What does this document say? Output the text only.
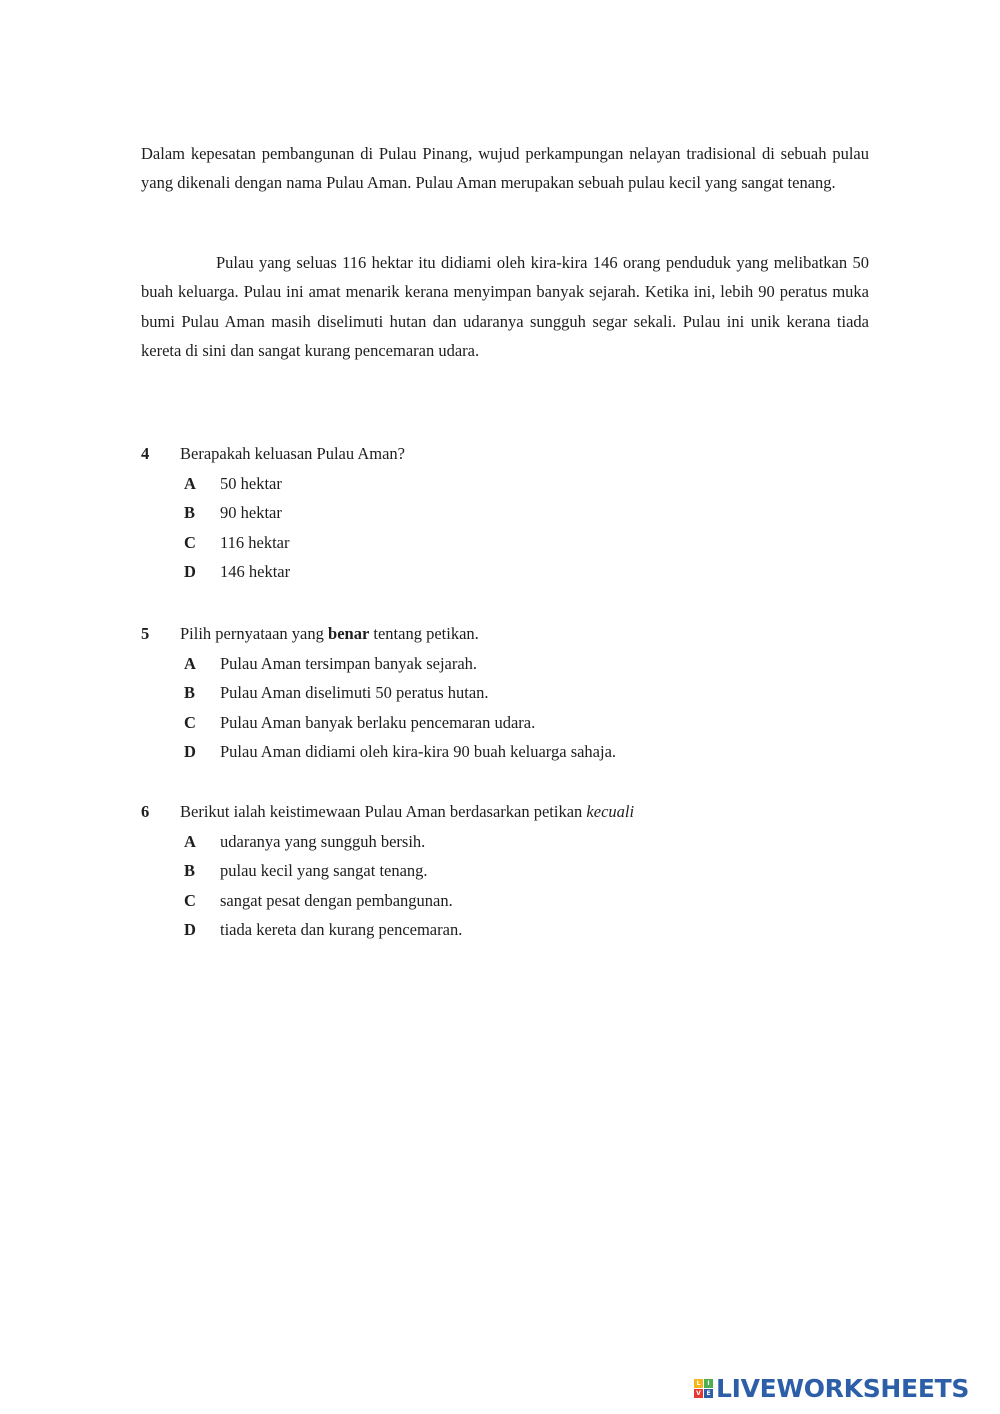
Dalam kepesatan pembangunan di Pulau Pinang, wujud perkampungan nelayan tradisional di sebuah pulau yang dikenali dengan nama Pulau Aman. Pulau Aman merupakan sebuah pulau kecil yang sangat tenang.
Pulau yang seluas 116 hektar itu didiami oleh kira-kira 146 orang penduduk yang melibatkan 50 buah keluarga. Pulau ini amat menarik kerana menyimpan banyak sejarah. Ketika ini, lebih 90 peratus muka bumi Pulau Aman masih diselimuti hutan dan udaranya sungguh segar sekali. Pulau ini unik kerana tiada kereta di sini dan sangat kurang pencemaran udara.
4 Berapakah keluasan Pulau Aman?
A 50 hektar
B 90 hektar
C 116 hektar
D 146 hektar
5 Pilih pernyataan yang benar tentang petikan.
A Pulau Aman tersimpan banyak sejarah.
B Pulau Aman diselimuti 50 peratus hutan.
C Pulau Aman banyak berlaku pencemaran udara.
D Pulau Aman didiami oleh kira-kira 90 buah keluarga sahaja.
6 Berikut ialah keistimewaan Pulau Aman berdasarkan petikan kecuali
A udaranya yang sungguh bersih.
B pulau kecil yang sangat tenang.
C sangat pesat dengan pembangunan.
D tiada kereta dan kurang pencemaran.
L	I
V E LIVEWORKSHEETS
